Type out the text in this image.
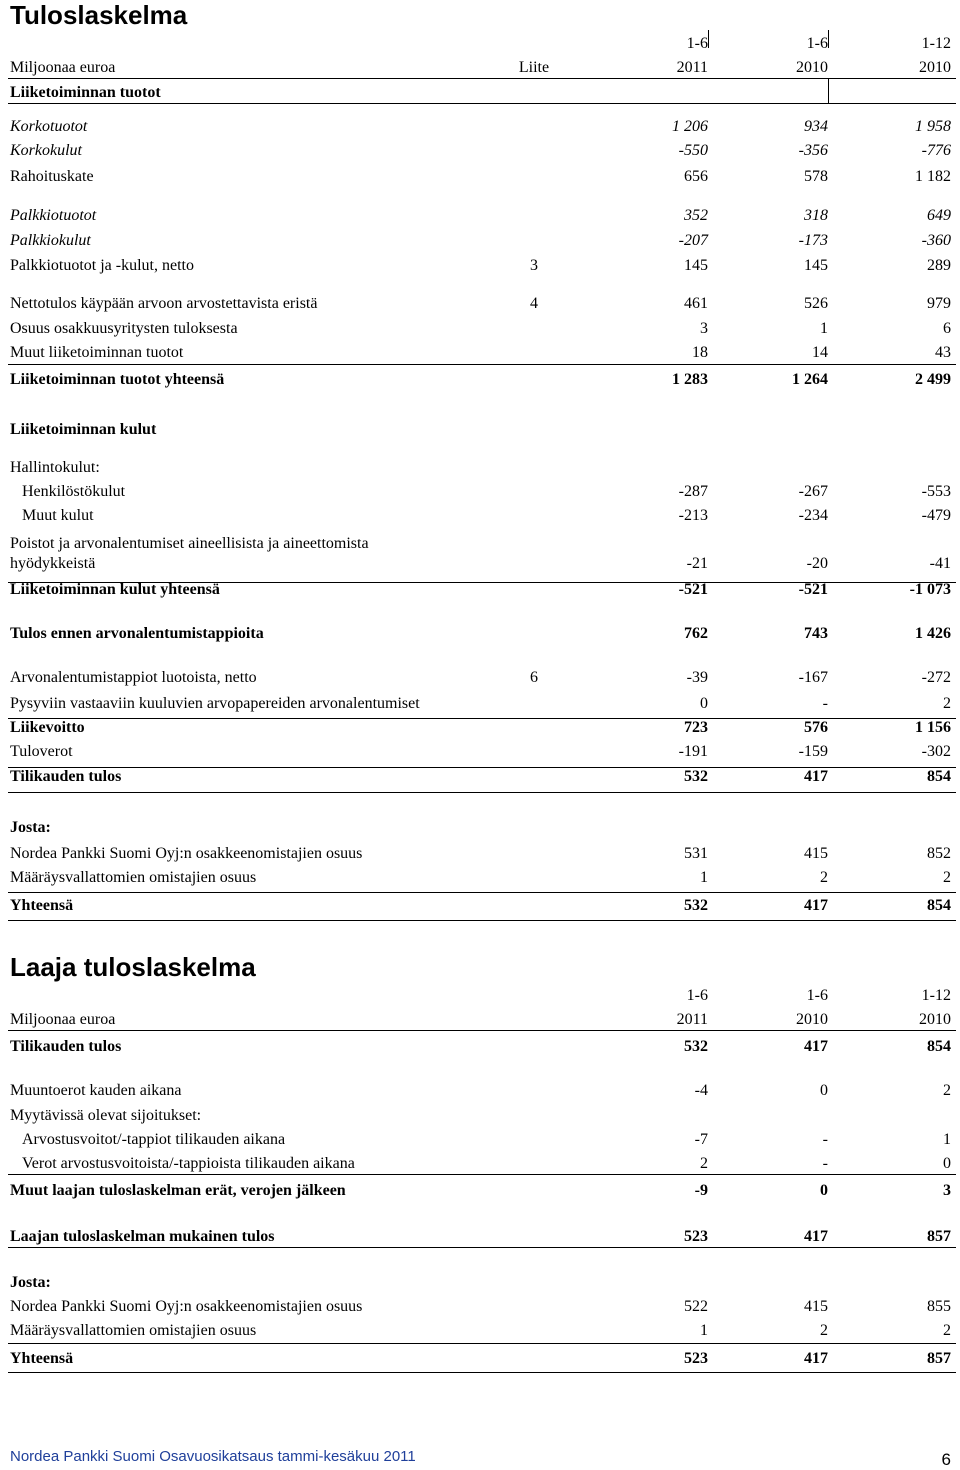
Tuloslaskelma
1-6	1-6	1-12
Miljoonaa euroa	Liite	2011	2010	2010
Liiketoiminnan tuotot
Korkotuotot	1 206	934	1 958
Korkokulut	-550	-356	-776
Rahoituskate	656	578	1 182
Palkkiotuotot	352	318	649
Palkkiokulut	-207	-173	-360
Palkkiotuotot ja -kulut, netto	3	145	145	289
Nettotulos käypään arvoon arvostettavista eristä	4	461	526	979
Osuus osakkuusyritysten tuloksesta	3	1	6
Muut liiketoiminnan tuotot	18	14	43
Liiketoiminnan tuotot yhteensä	1 283	1 264	2 499
Liiketoiminnan kulut
Hallintokulut:
Henkilöstökulut	-287	-267	-553
Muut kulut	-213	-234	-479
Poistot ja arvonalentumiset aineellisista ja aineettomista
hyödykkeistä	-21	-20	-41
Liiketoiminnan kulut yhteensä	-521	-521	-1 073
Tulos ennen arvonalentumistappioita	762	743	1 426
Arvonalentumistappiot luotoista, netto	6	-39	-167	-272
Pysyviin vastaaviin kuuluvien arvopapereiden arvonalentumiset	0	-	2
Liikevoitto	723	576	1 156
Tuloverot	-191	-159	-302
Tilikauden tulos	532	417	854
Josta:
Nordea Pankki Suomi Oyj:n osakkeenomistajien osuus	531	415	852
Määräysvallattomien omistajien osuus	1	2	2
Yhteensä	532	417	854
Laaja tuloslaskelma
1-6	1-6	1-12
Miljoonaa euroa	2011	2010	2010
Tilikauden tulos	532	417	854
Muuntoerot kauden aikana	-4	0	2
Myytävissä olevat sijoitukset:
Arvostusvoitot/-tappiot tilikauden aikana	-7	-	1
Verot arvostusvoitoista/-tappioista tilikauden aikana	2	-	0
Muut laajan tuloslaskelman erät, verojen jälkeen	-9	0	3
Laajan tuloslaskelman mukainen tulos	523	417	857
Josta:
Nordea Pankki Suomi Oyj:n osakkeenomistajien osuus	522	415	855
Määräysvallattomien omistajien osuus	1	2	2
Yhteensä	523	417	857
Nordea Pankki Suomi Osavuosikatsaus tammi-kesäkuu 2011	6
